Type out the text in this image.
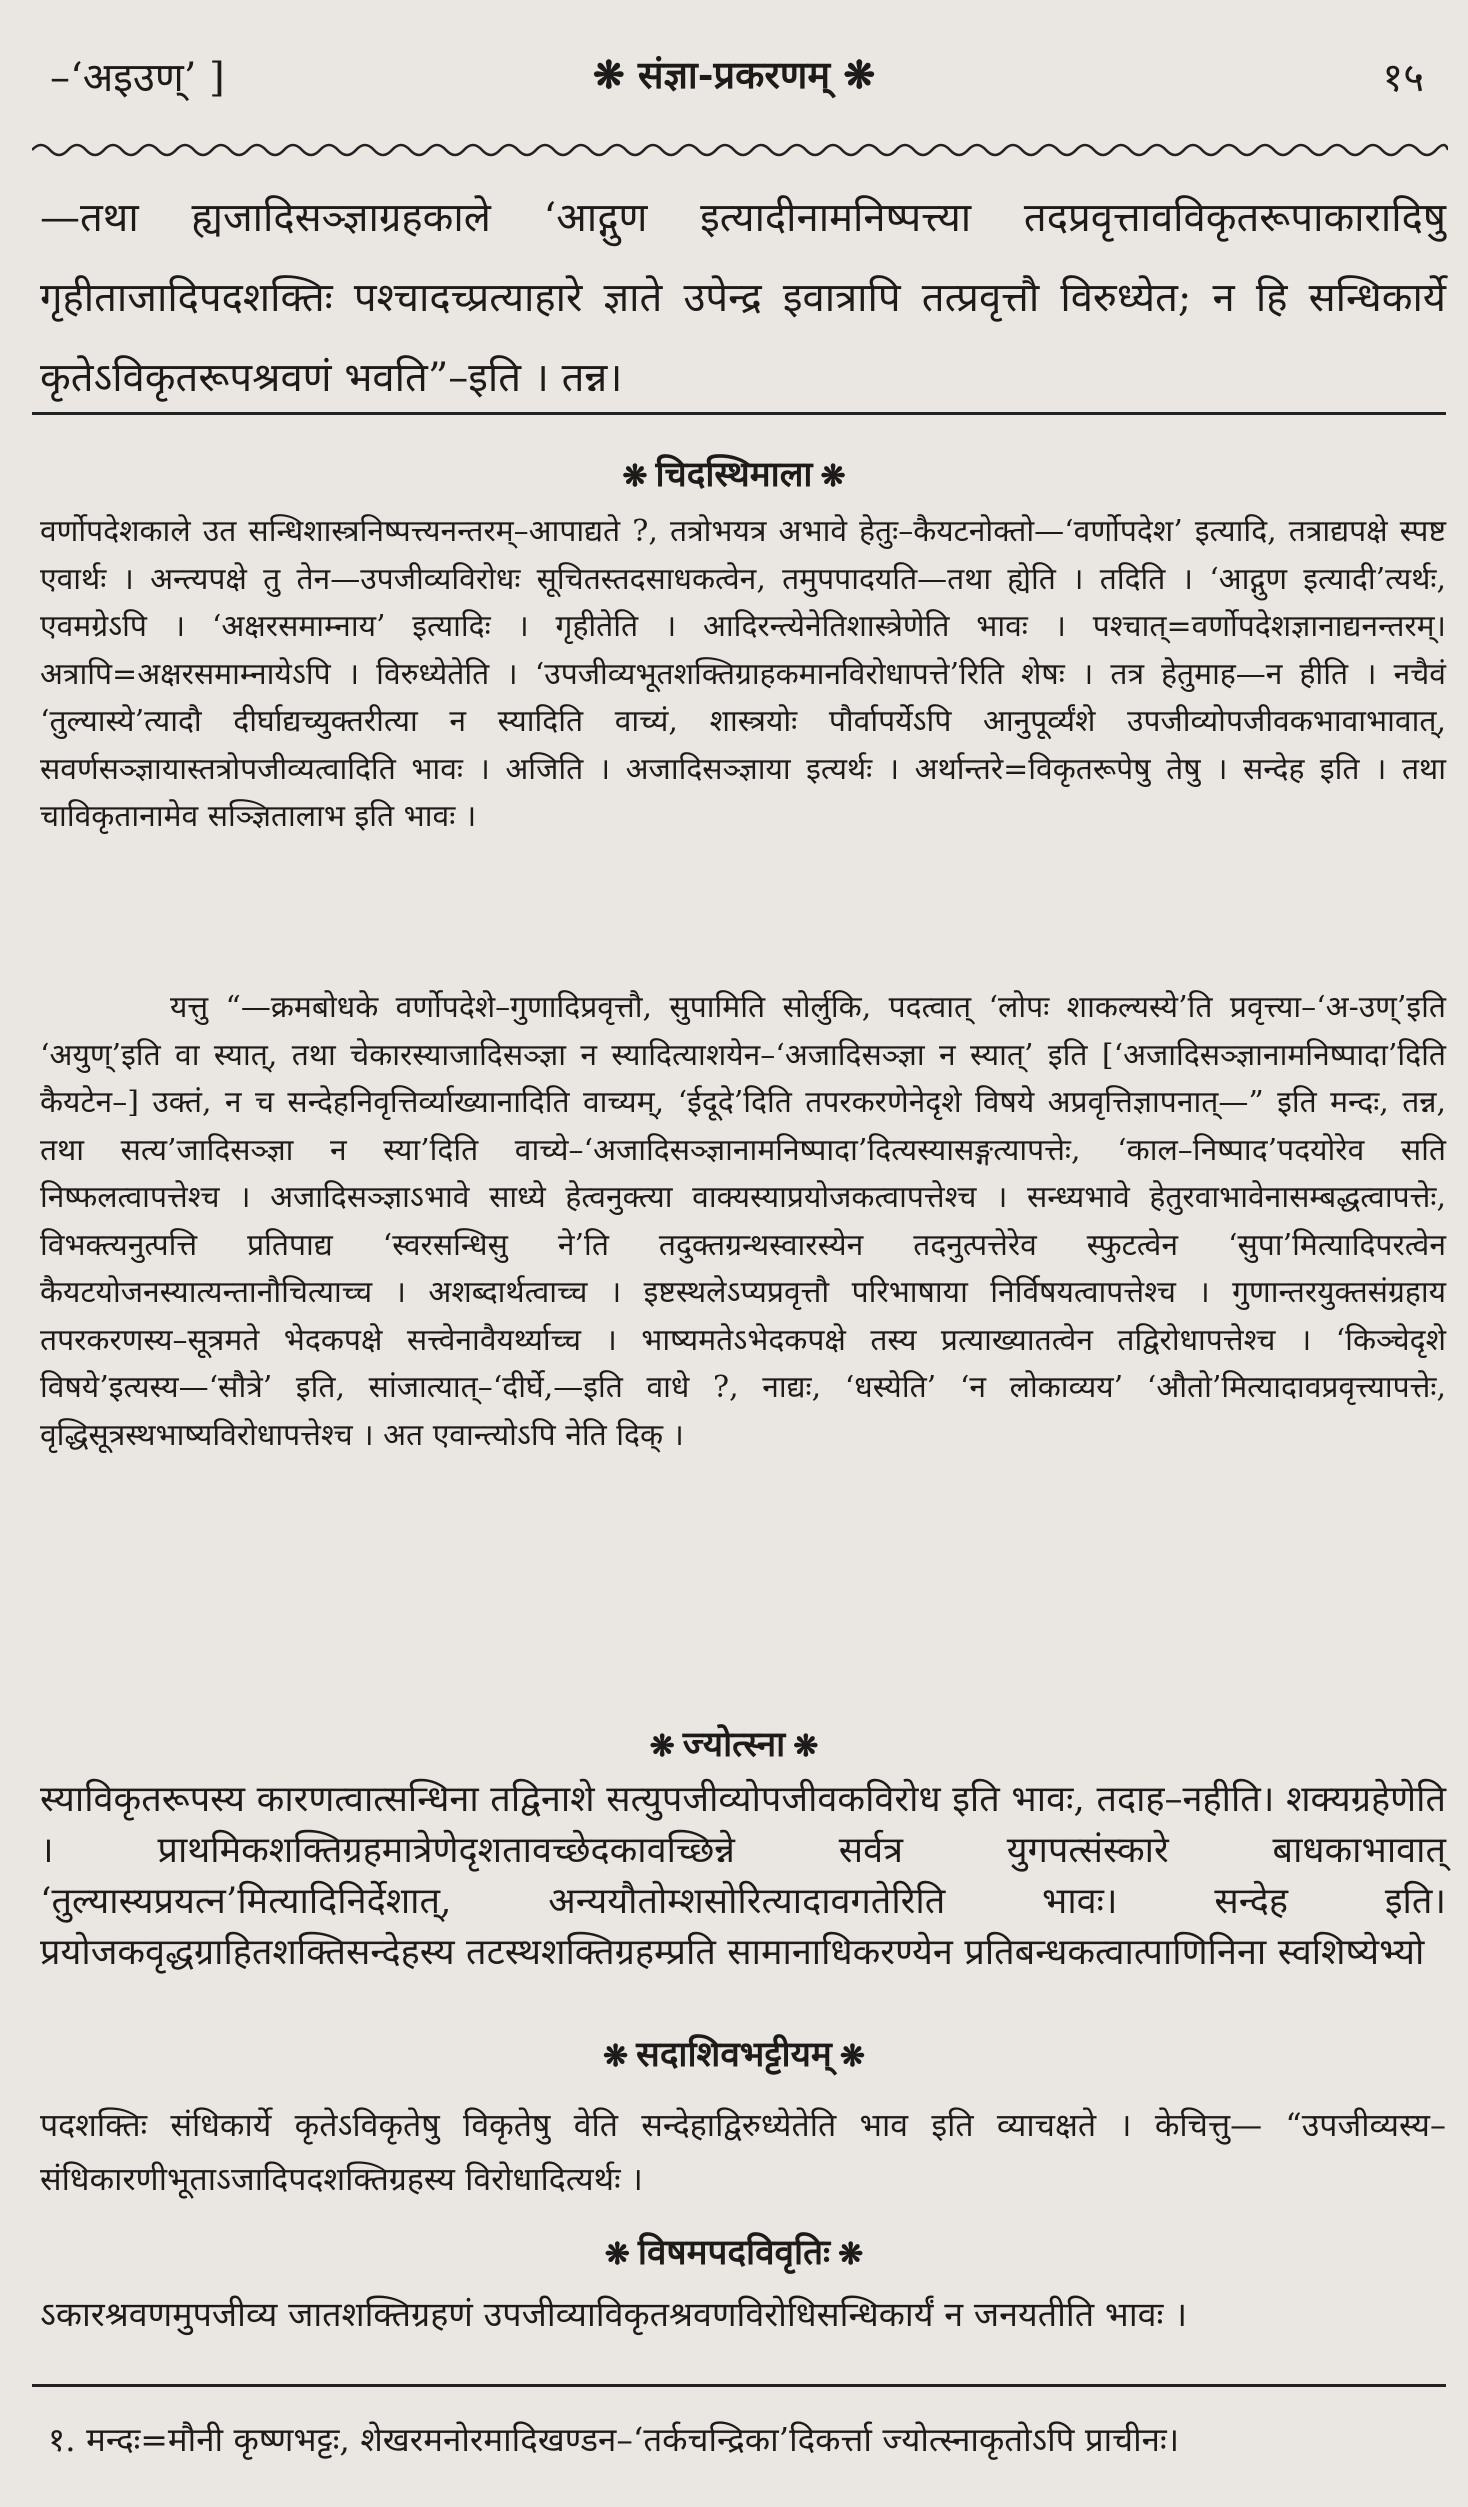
–‘अइउण्’ ]	❋ संज्ञा-प्रकरणम् ❋	१५
—तथा ह्यजादिसञ्ज्ञाग्रहकाले ‘आद्गुण इत्यादीनामनिष्पत्त्या तदप्रवृत्तावविकृतरूपाकारादिषु गृहीताजादिपदशक्तिः पश्चादच्प्रत्याहारे ज्ञाते उपेन्द्र इवात्रापि तत्प्रवृत्तौ विरुध्येत; न हि सन्धिकार्ये कृतेऽविकृतरूपश्रवणं भवति”–इति । तन्न।
❋ चिदस्थिमाला ❋
वर्णोपदेशकाले उत सन्धिशास्त्रनिष्पत्त्यनन्तरम्–आपाद्यते ?, तत्रोभयत्र अभावे हेतुः–कैयटनोक्तो—‘वर्णोपदेश’ इत्यादि, तत्राद्यपक्षे स्पष्ट एवार्थः । अन्त्यपक्षे तु तेन—उपजीव्यविरोधः सूचितस्तदसाधकत्वेन, तमुपपादयति—तथा ह्येति । तदिति । ‘आद्गुण इत्यादी’त्यर्थः, एवमग्रेऽपि । ‘अक्षरसमाम्नाय’ इत्यादिः । गृहीतेति । आदिरन्त्येनेतिशास्त्रेणेति भावः । पश्चात्=वर्णोपदेशज्ञानाद्यनन्तरम्। अत्रापि=अक्षरसमाम्नायेऽपि । विरुध्येतेति । ‘उपजीव्यभूतशक्तिग्राहकमानविरोधापत्ते’रिति शेषः । तत्र हेतुमाह—न हीति । नचैवं ‘तुल्यास्ये’त्यादौ दीर्घाद्यच्युक्तरीत्या न स्यादिति वाच्यं, शास्त्रयोः पौर्वापर्येऽपि आनुपूर्व्यंशे उपजीव्योपजीवकभावाभावात्, सवर्णसञ्ज्ञायास्तत्रोपजीव्यत्वादिति भावः । अजिति । अजादिसञ्ज्ञाया इत्यर्थः । अर्थान्तरे=विकृतरूपेषु तेषु । सन्देह इति । तथा चाविकृतानामेव सञ्ज्ञितालाभ इति भावः ।
यत्तु “—क्रमबोधके वर्णोपदेशे–गुणादिप्रवृत्तौ, सुपामिति सोर्लुकि, पदत्वात् ‘लोपः शाकल्यस्ये’ति प्रवृत्त्या–‘अ-उण्’इति ‘अयुण्’इति वा स्यात्, तथा चेकारस्याजादिसञ्ज्ञा न स्यादित्याशयेन–‘अजादिसञ्ज्ञा न स्यात्’ इति [‘अजादिसञ्ज्ञानामनिष्पादा’दिति कैयटेन–] उक्तं, न च सन्देहनिवृत्तिर्व्याख्यानादिति वाच्यम्, ‘ईदूदे’दिति तपरकरणेनेदृशे विषये अप्रवृत्तिज्ञापनात्—” इति मन्दः, तन्न, तथा सत्य’जादिसञ्ज्ञा न स्या’दिति वाच्ये–‘अजादिसञ्ज्ञानामनिष्पादा’दित्यस्यासङ्गत्यापत्तेः, ‘काल–निष्पाद’पदयोरेव सति निष्फलत्वापत्तेश्च । अजादिसञ्ज्ञाऽभावे साध्ये हेत्वनुक्त्या वाक्यस्याप्रयोजकत्वापत्तेश्च । सन्ध्यभावे हेतुरवाभावेनासम्बद्धत्वापत्तेः, विभक्त्यनुत्पत्ति प्रतिपाद्य ‘स्वरसन्धिसु ने’ति तदुक्तग्रन्थस्वारस्येन तदनुत्पत्तेरेव स्फुटत्वेन ‘सुपा’मित्यादिपरत्वेन कैयटयोजनस्यात्यन्तानौचित्याच्च । अशब्दार्थत्वाच्च । इष्टस्थलेऽप्यप्रवृत्तौ परिभाषाया निर्विषयत्वापत्तेश्च । गुणान्तरयुक्तसंग्रहाय तपरकरणस्य–सूत्रमते भेदकपक्षे सत्त्वेनावैयर्थ्याच्च । भाष्यमतेऽभेदकपक्षे तस्य प्रत्याख्यातत्वेन तद्विरोधापत्तेश्च । ‘किञ्चेदृशे विषये’इत्यस्य—‘सौत्रे’ इति, सांजात्यात्–‘दीर्घे,—इति वाधे ?, नाद्यः, ‘धस्येति’ ‘न लोकाव्यय’ ‘औतो’मित्यादावप्रवृत्त्यापत्तेः, वृद्धिसूत्रस्थभाष्यविरोधापत्तेश्च । अत एवान्त्योऽपि नेति दिक् ।
❋ ज्योत्स्ना ❋
स्याविकृतरूपस्य कारणत्वात्सन्धिना तद्विनाशे सत्युपजीव्योपजीवकविरोध इति भावः, तदाह–नहीति। शक्यग्रहेणेति । प्राथमिकशक्तिग्रहमात्रेणेदृशतावच्छेदकावच्छिन्ने सर्वत्र युगपत्संस्कारे बाधकाभावात् ‘तुल्यास्यप्रयत्न’मित्यादिनिर्देशात्, अन्ययौतोम्शसोरित्यादावगतेरिति भावः। सन्देह इति। प्रयोजकवृद्धग्राहितशक्तिसन्देहस्य तटस्थशक्तिग्रहम्प्रति सामानाधिकरण्येन प्रतिबन्धकत्वात्पाणिनिना स्वशिष्येभ्यो
❋ सदाशिवभट्टीयम् ❋
पदशक्तिः संधिकार्ये कृतेऽविकृतेषु विकृतेषु वेति सन्देहाद्विरुध्येतेति भाव इति व्याचक्षते । केचित्तु— “उपजीव्यस्य–संधिकारणीभूताऽजादिपदशक्तिग्रहस्य विरोधादित्यर्थः ।
❋ विषमपदविवृतिः ❋
ऽकारश्रवणमुपजीव्य जातशक्तिग्रहणं उपजीव्याविकृतश्रवणविरोधिसन्धिकार्यं न जनयतीति भावः ।
१. मन्दः=मौनी कृष्णभट्टः, शेखरमनोरमादिखण्डन–‘तर्कचन्द्रिका’दिकर्त्ता ज्योत्स्नाकृतोऽपि प्राचीनः।
